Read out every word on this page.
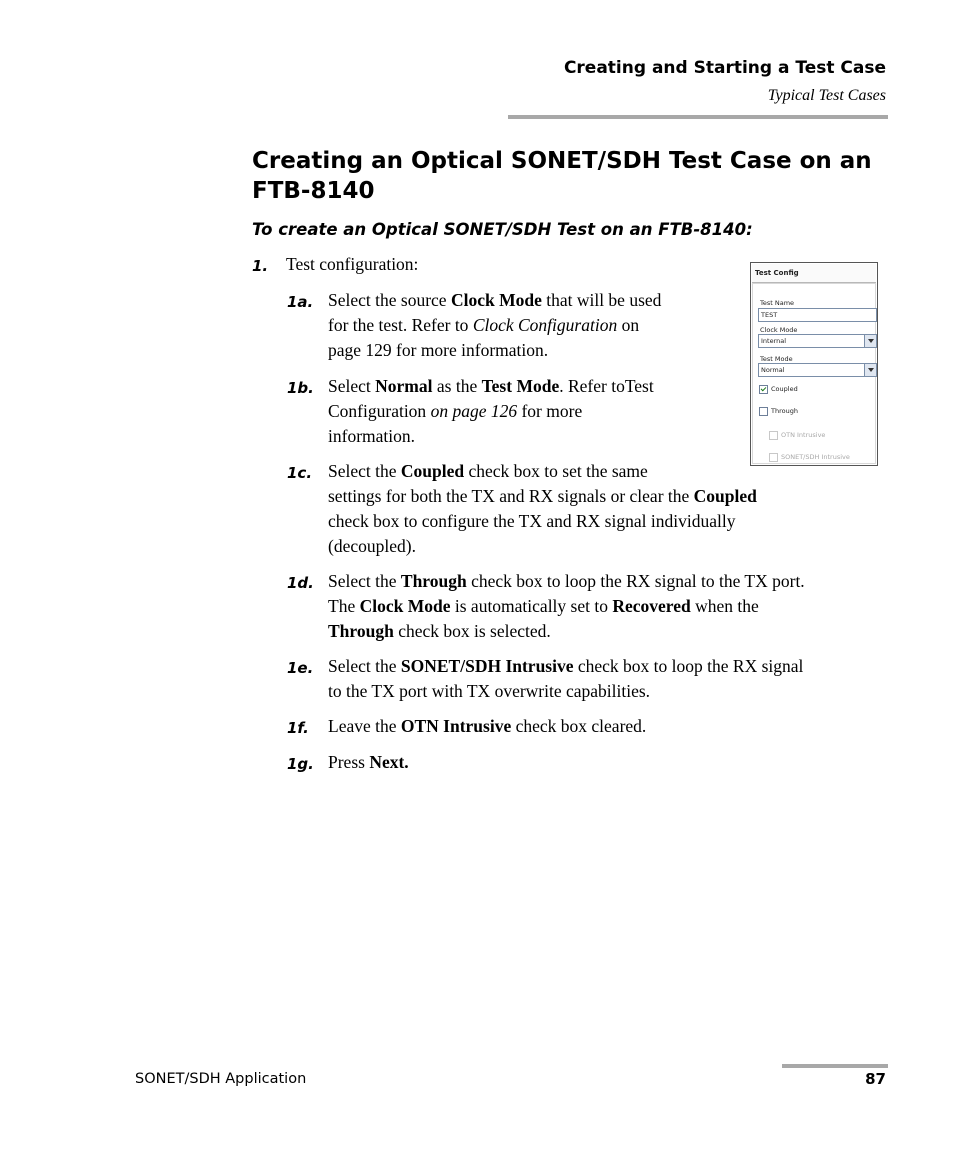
Creating and Starting a Test Case
Typical Test Cases
Creating an Optical SONET/SDH Test Case on an
FTB-8140
To create an Optical SONET/SDH Test on an FTB-8140:
1. Test configuration:
1a. Select the source Clock Mode that will be used
for the test. Refer to Clock Configuration on
page 129 for more information.
1b. Select Normal as the Test Mode. Refer toTest
Configuration on page 126 for more
information.
1c. Select the Coupled check box to set the same
settings for both the TX and RX signals or clear the Coupled
check box to configure the TX and RX signal individually
(decoupled).
1d. Select the Through check box to loop the RX signal to the TX port.
The Clock Mode is automatically set to Recovered when the
Through check box is selected.
1e. Select the SONET/SDH Intrusive check box to loop the RX signal
to the TX port with TX overwrite capabilities.
1f. Leave the OTN Intrusive check box cleared.
1g. Press Next.
Test Config
Test Name
TEST
Clock Mode
Internal
Test Mode
Normal
Coupled
Through
OTN Intrusive
SONET/SDH Intrusive
SONET/SDH Application	87
